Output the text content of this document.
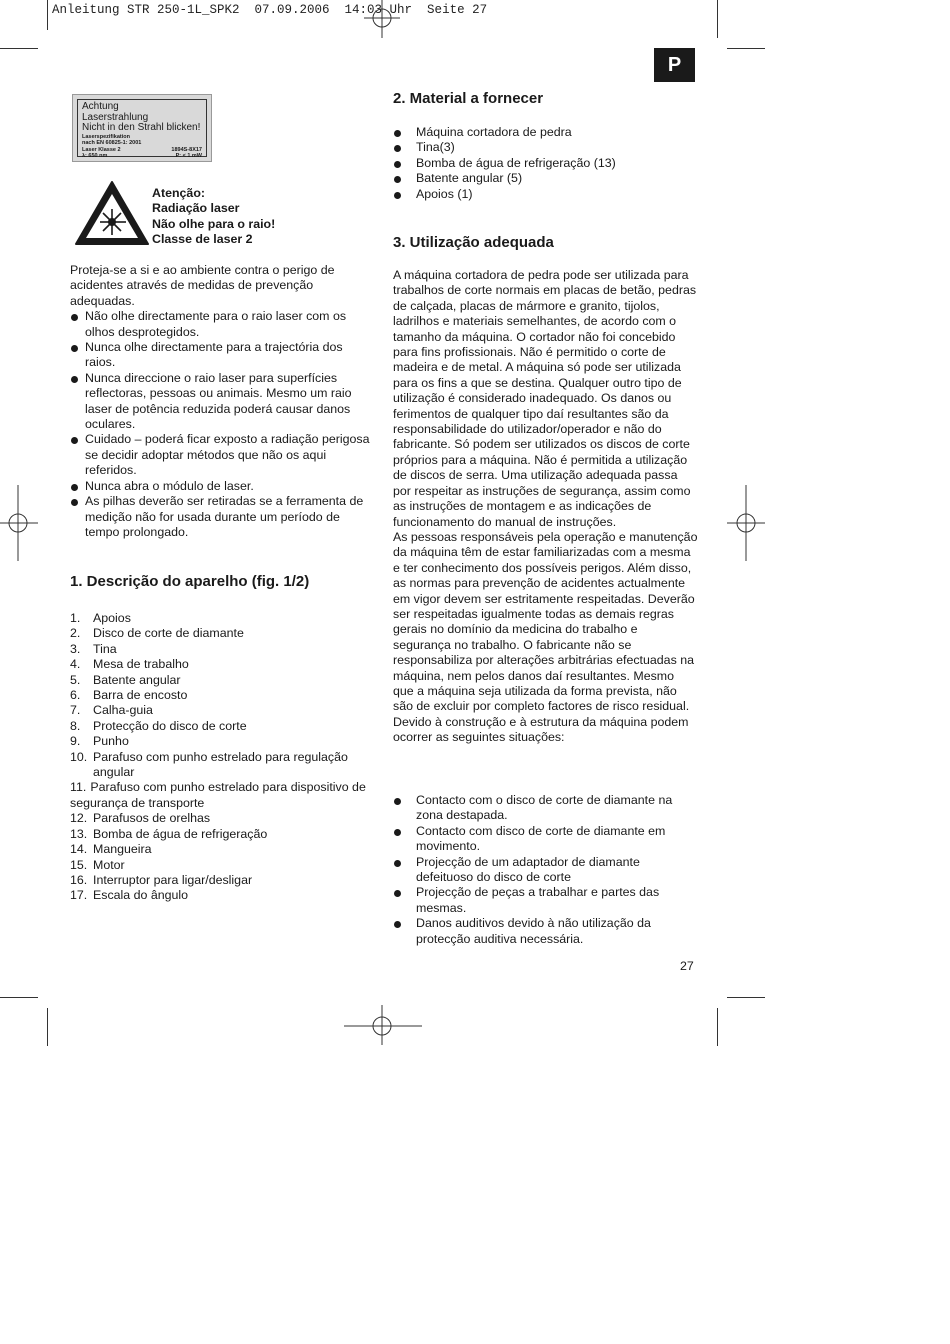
Anleitung STR 250-1L_SPK2  07.09.2006  14:03 Uhr  Seite 27
P
Achtung
Laserstrahlung
Nicht in den Strahl blicken!
Laserspezifikation
nach EN 60825-1: 2001
Laser Klasse 2	1894S-8X17
λ: 650 nm	P: < 1 mW
Atenção:
Radiação laser
Não olhe para o raio!
Classe de laser 2

Proteja-se a si e ao ambiente contra o perigo de acidentes através de medidas de prevenção adequadas.

Não olhe directamente para o raio laser com os olhos desprotegidos.
Nunca olhe directamente para a trajectória dos raios.
Nunca direccione o raio laser para superfícies reflectoras, pessoas ou animais. Mesmo um raio laser de potência reduzida poderá causar danos oculares.
Cuidado – poderá ficar exposto a radiação perigosa se decidir adoptar métodos que não os aqui referidos.
Nunca abra o módulo de laser.
As pilhas deverão ser retiradas se a ferramenta de medição não for usada durante um período de tempo prolongado.
1. Descrição do aparelho (fig. 1/2)
1. Apoios
2. Disco de corte de diamante
3. Tina
4. Mesa de trabalho
5. Batente angular
6. Barra de encosto
7. Calha-guia
8. Protecção do disco de corte
9. Punho
10. Parafuso com punho estrelado para regulação angular
11. Parafuso com punho estrelado para dispositivo de segurança de transporte
12. Parafusos de orelhas
13. Bomba de água de refrigeração
14. Mangueira
15. Motor
16. Interruptor para ligar/desligar
17. Escala do ângulo
2. Material a fornecer
Máquina cortadora de pedra
Tina(3)
Bomba de água de refrigeração (13)
Batente angular (5)
Apoios (1)
3. Utilização adequada

A máquina cortadora de pedra pode ser utilizada para trabalhos de corte normais em placas de betão, pedras de calçada, placas de mármore e granito, tijolos, ladrilhos e materiais semelhantes, de acordo com o tamanho da máquina. O cortador não foi concebido para fins profissionais. Não é permitido o corte de madeira e de metal. A máquina só pode ser utilizada para os fins a que se destina. Qualquer outro tipo de utilização é considerado inadequado. Os danos ou ferimentos de qualquer tipo daí resultantes são da responsabilidade do utilizador/operador e não do fabricante. Só podem ser utilizados os discos de corte próprios para a máquina. Não é permitida a utilização de discos de serra. Uma utilização adequada passa por respeitar as instruções de segurança, assim como as instruções de montagem e as indicações de funcionamento do manual de instruções.

As pessoas responsáveis pela operação e manutenção da máquina têm de estar familiarizadas com a mesma e ter conhecimento dos possíveis perigos. Além disso, as normas para prevenção de acidentes actualmente em vigor devem ser estritamente respeitadas. Deverão ser respeitadas igualmente todas as demais regras gerais no domínio da medicina do trabalho e segurança no trabalho. O fabricante não se responsabiliza por alterações arbitrárias efectuadas na máquina, nem pelos danos daí resultantes. Mesmo que a máquina seja utilizada da forma prevista, não são de excluir por completo factores de risco residual. Devido à construção e à estrutura da máquina podem ocorrer as seguintes situações:

Contacto com o disco de corte de diamante na zona destapada.
Contacto com disco de corte de diamante em movimento.
Projecção de um adaptador de diamante defeituoso do disco de corte
Projecção de peças a trabalhar e partes das mesmas.
Danos auditivos devido à não utilização da protecção auditiva necessária.
27
